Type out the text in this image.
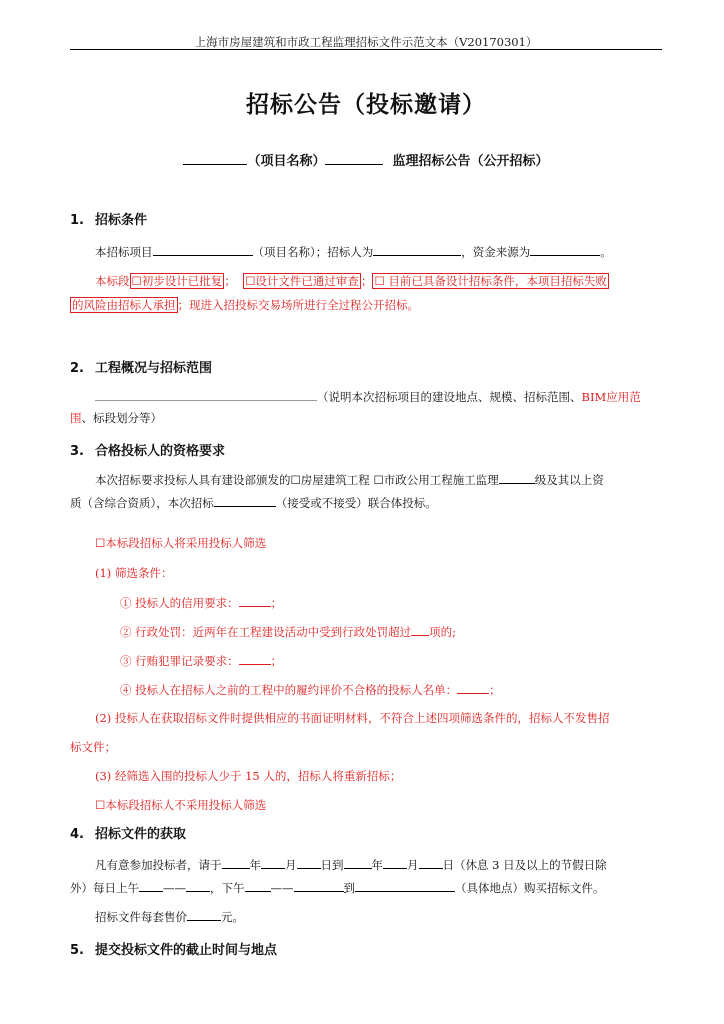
上海市房屋建筑和市政工程监理招标文件示范文本（V20170301）
招标公告（投标邀请）
（项目名称）	监理招标公告（公开招标）
1. 招标条件
本招标项目	（项目名称）；招标人为	，资金来源为	。
本标段 ☐初步设计已批复 ； ☐设计文件已通过审查 ； ☐ 目前已具备设计招标条件，本项目招标失败
的风险由招标人承担 ；现进入招投标交易场所进行全过程公开招标。
2. 工程概况与招标范围
（说明本次招标项目的建设地点、规模、招标范围、BIM应用范
围、标段划分等）
3. 合格投标人的资格要求
本次招标要求投标人具有建设部颁发的☐房屋建筑工程 ☐市政公用工程施工监理	级及其以上资
质（含综合资质），本次招标	（接受或不接受）联合体投标。
☐本标段招标人将采用投标人筛选
(1) 筛选条件：
① 投标人的信用要求：	；
② 行政处罚：近两年在工程建设活动中受到行政处罚超过 项的;
③ 行贿犯罪记录要求：	；
④ 投标人在招标人之前的工程中的履约评价不合格的投标人名单：	；
(2) 投标人在获取招标文件时提供相应的书面证明材料，不符合上述四项筛选条件的，招标人不发售招
标文件；
(3) 经筛选入围的投标人少于 15 人的，招标人将重新招标；
☐本标段招标人不采用投标人筛选
4. 招标文件的获取
凡有意参加投标者，请于 年 月 日到 年 月 日（休息 3 日及以上的节假日除
外）每日上午 —— ，下午 ——	到	（具体地点）购买招标文件。
招标文件每套售价	元。
5. 提交投标文件的截止时间与地点
